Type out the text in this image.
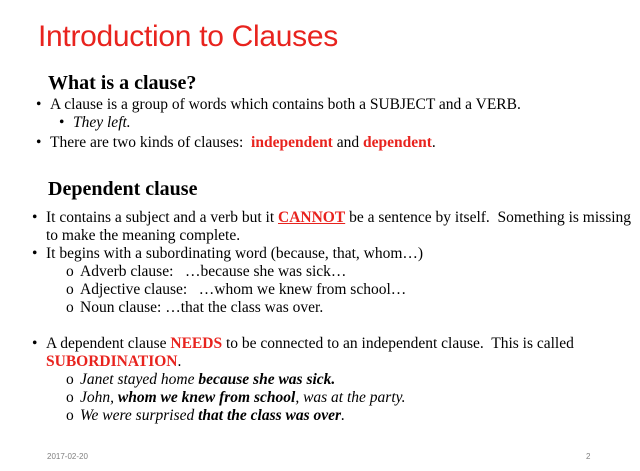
Introduction to Clauses
What is a clause?
• A clause is a group of words which contains both a SUBJECT and a VERB.
• They left.
• There are two kinds of clauses:  independent and dependent.
Dependent clause
• It contains a subject and a verb but it CANNOT be a sentence by itself.  Something is missing
to make the meaning complete.
• It begins with a subordinating word (because, that, whom…)
o Adverb clause:   …because she was sick…
o Adjective clause:   …whom we knew from school…
o Noun clause: …that the class was over.
• A dependent clause NEEDS to be connected to an independent clause.  This is called
SUBORDINATION.
o Janet stayed home because she was sick.
o John, whom we knew from school, was at the party.
o We were surprised that the class was over.
2017-02-20	2
